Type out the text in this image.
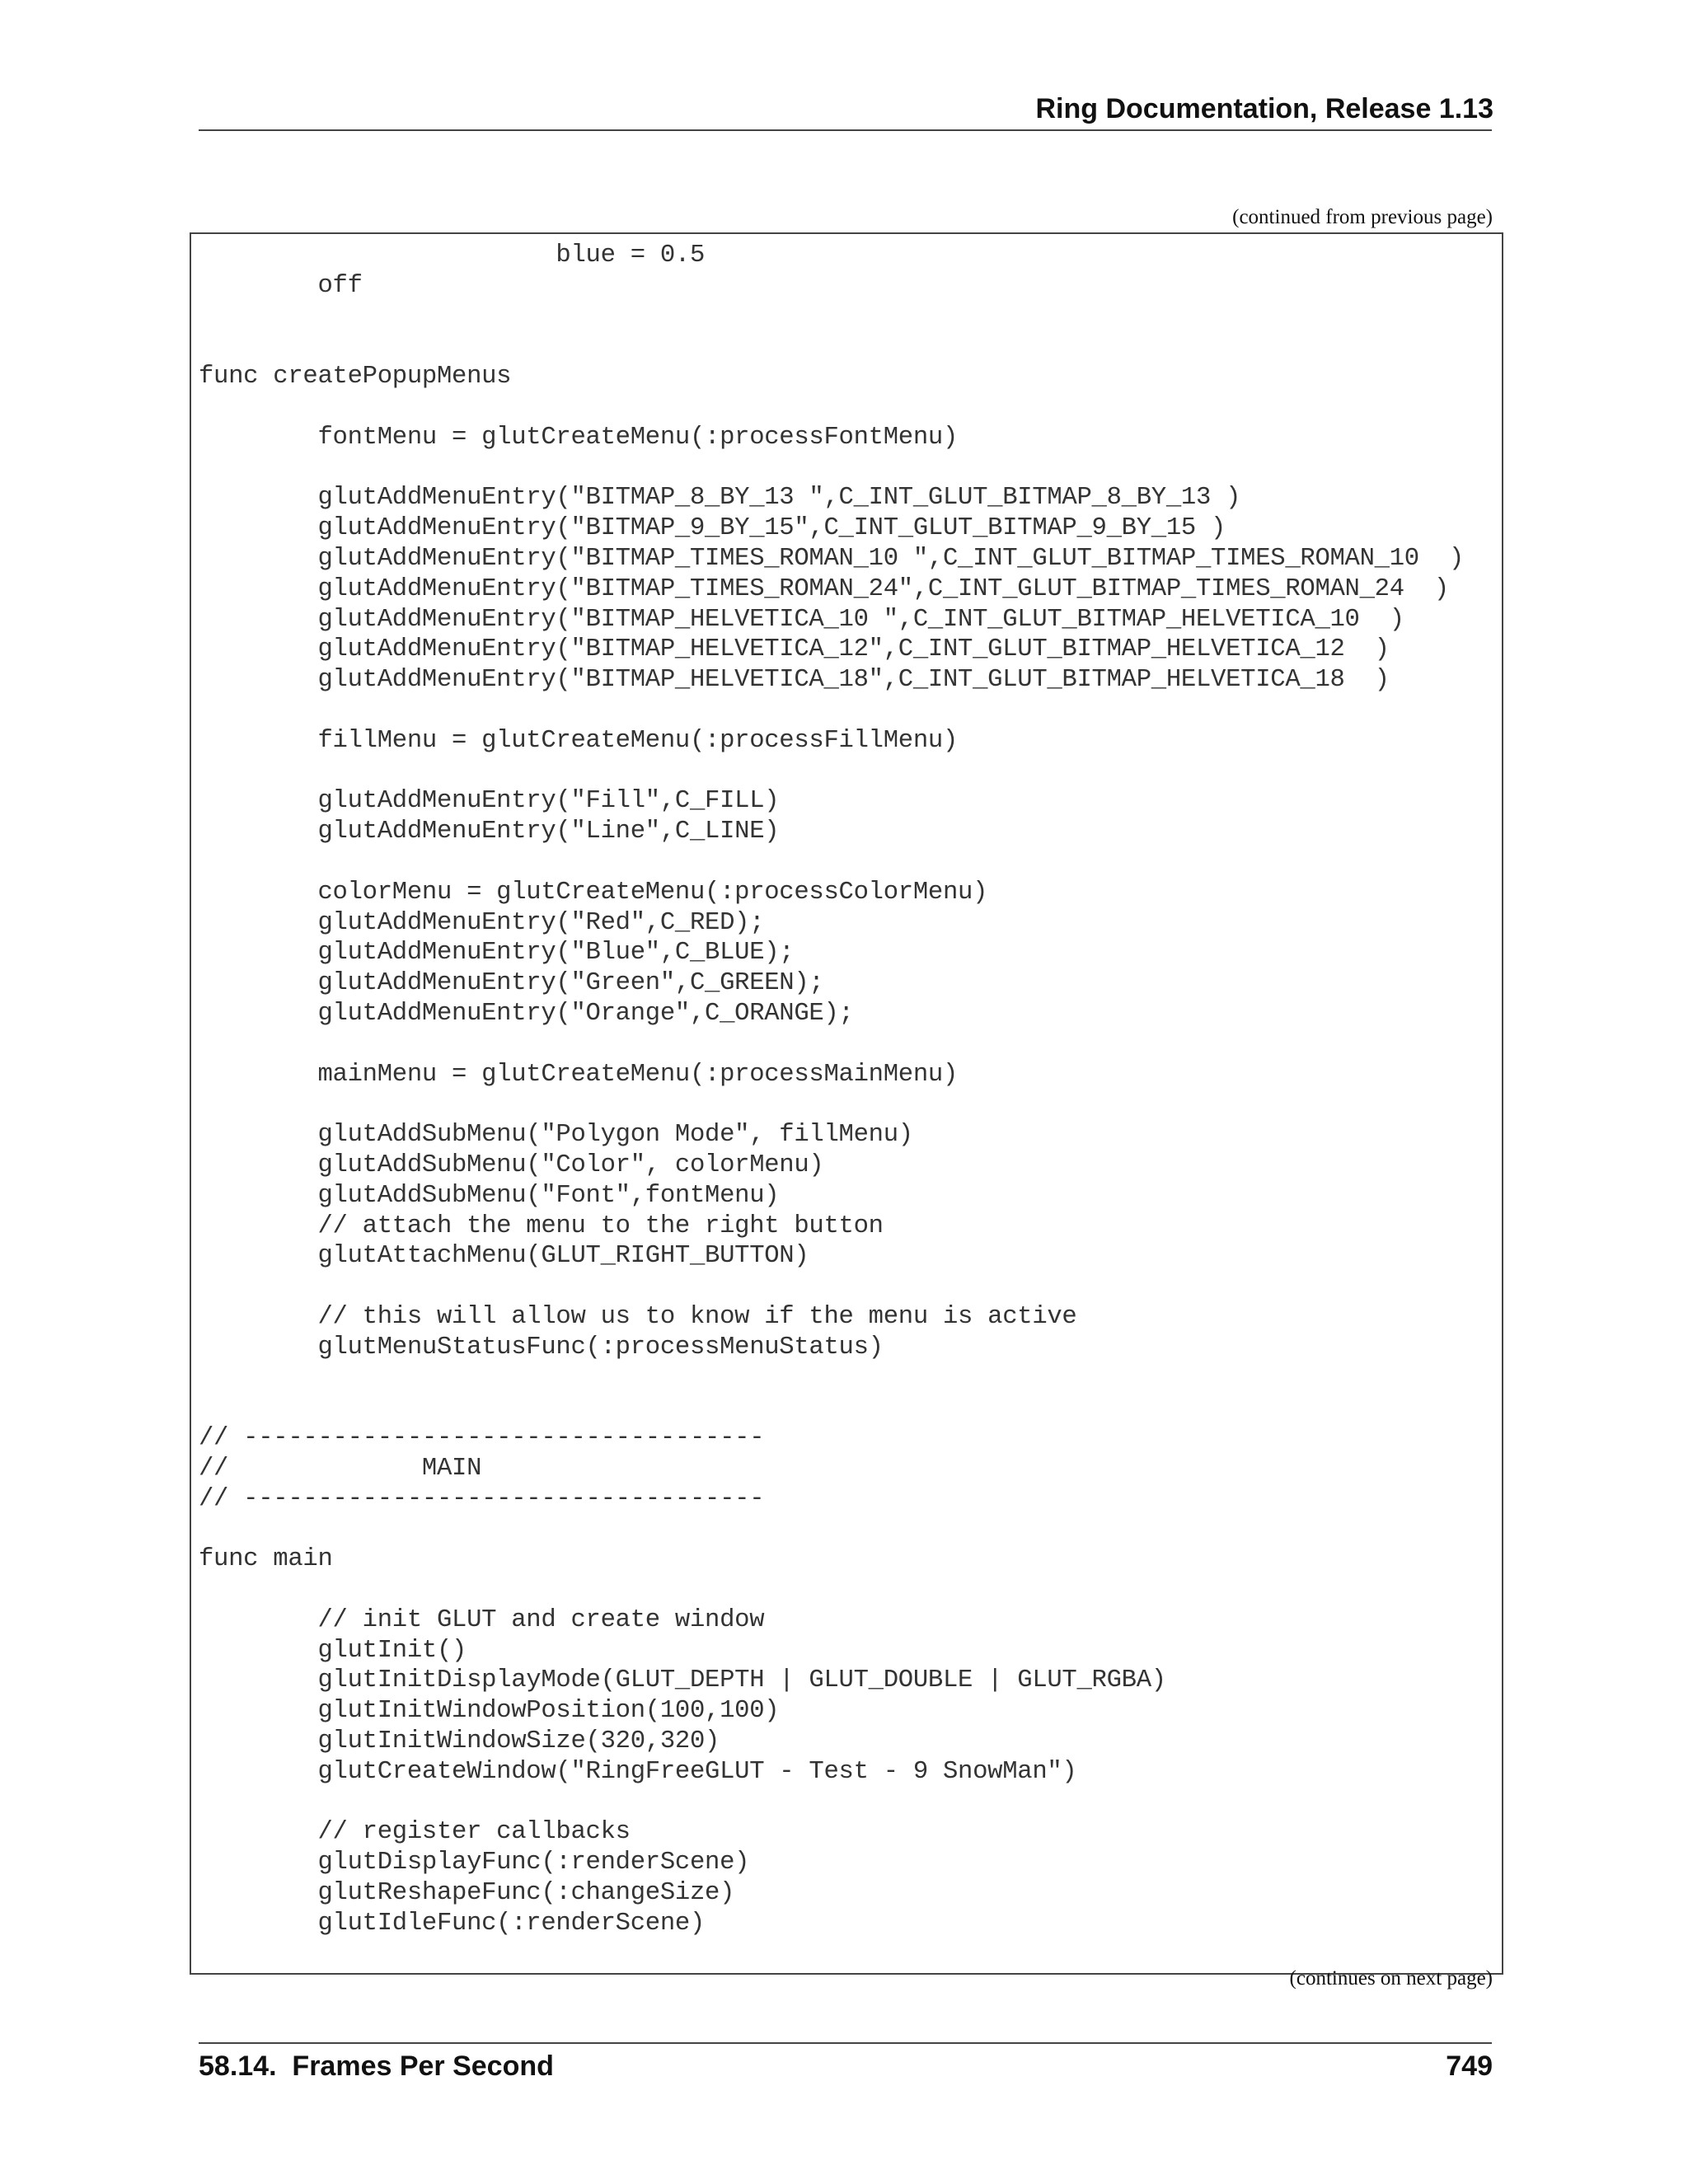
Ring Documentation, Release 1.13
(continued from previous page)
blue = 0.5
off
func createPopupMenus
fontMenu = glutCreateMenu(:processFontMenu)
glutAddMenuEntry("BITMAP_8_BY_13 ",C_INT_GLUT_BITMAP_8_BY_13 )
glutAddMenuEntry("BITMAP_9_BY_15",C_INT_GLUT_BITMAP_9_BY_15 )
glutAddMenuEntry("BITMAP_TIMES_ROMAN_10 ",C_INT_GLUT_BITMAP_TIMES_ROMAN_10  )
glutAddMenuEntry("BITMAP_TIMES_ROMAN_24",C_INT_GLUT_BITMAP_TIMES_ROMAN_24  )
glutAddMenuEntry("BITMAP_HELVETICA_10 ",C_INT_GLUT_BITMAP_HELVETICA_10  )
glutAddMenuEntry("BITMAP_HELVETICA_12",C_INT_GLUT_BITMAP_HELVETICA_12  )
glutAddMenuEntry("BITMAP_HELVETICA_18",C_INT_GLUT_BITMAP_HELVETICA_18  )
fillMenu = glutCreateMenu(:processFillMenu)
glutAddMenuEntry("Fill",C_FILL)
glutAddMenuEntry("Line",C_LINE)
colorMenu = glutCreateMenu(:processColorMenu)
glutAddMenuEntry("Red",C_RED);
glutAddMenuEntry("Blue",C_BLUE);
glutAddMenuEntry("Green",C_GREEN);
glutAddMenuEntry("Orange",C_ORANGE);
mainMenu = glutCreateMenu(:processMainMenu)
glutAddSubMenu("Polygon Mode", fillMenu)
glutAddSubMenu("Color", colorMenu)
glutAddSubMenu("Font",fontMenu)
// attach the menu to the right button
glutAttachMenu(GLUT_RIGHT_BUTTON)
// this will allow us to know if the menu is active
glutMenuStatusFunc(:processMenuStatus)
// -----------------------------------
//             MAIN
// -----------------------------------
func main
// init GLUT and create window
glutInit()
glutInitDisplayMode(GLUT_DEPTH | GLUT_DOUBLE | GLUT_RGBA)
glutInitWindowPosition(100,100)
glutInitWindowSize(320,320)
glutCreateWindow("RingFreeGLUT - Test - 9 SnowMan")
// register callbacks
glutDisplayFunc(:renderScene)
glutReshapeFunc(:changeSize)
glutIdleFunc(:renderScene)
(continues on next page)
58.14.  Frames Per Second	749
